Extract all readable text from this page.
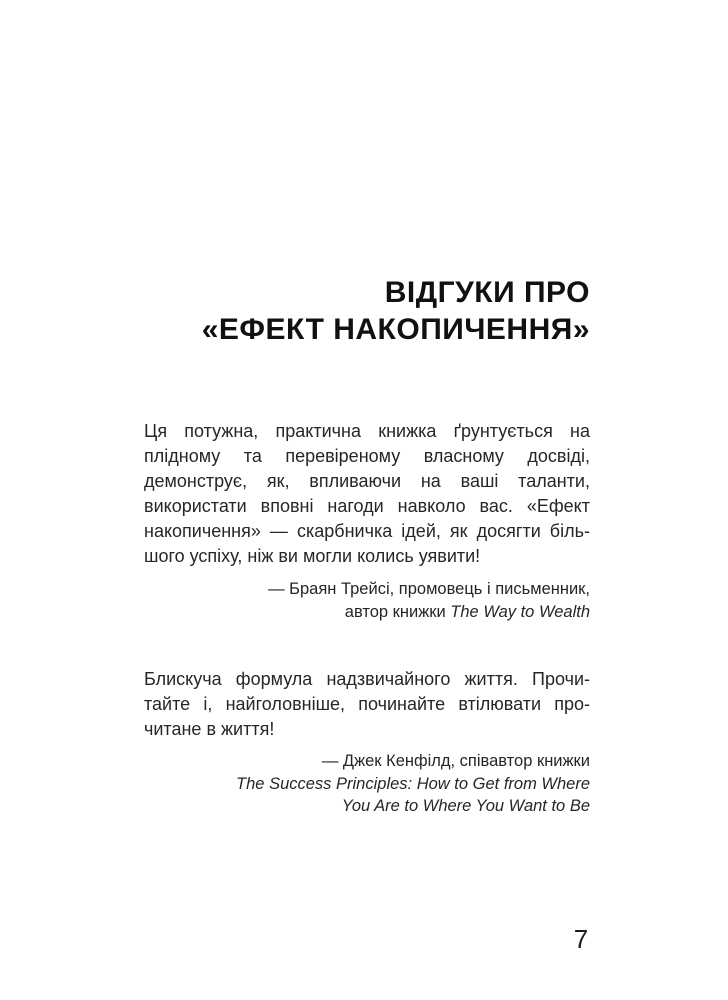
ВІДГУКИ ПРО
«ЕФЕКТ НАКОПИЧЕННЯ»

Ця потужна, практична книжка ґрунтується на
плідному та перевіреному власному досвіді,
демонструє, як, впливаючи на ваші таланти,
використати вповні нагоди навколо вас. «Ефект
накопичення» — скарбничка ідей, як досягти біль-
шого успіху, ніж ви могли колись уявити!

— Браян Трейсі, промовець і письменник,
автор книжки The Way to Wealth

Блискуча формула надзвичайного життя. Прочи-
тайте і, найголовніше, починайте втілювати про-
читане в життя!

— Джек Кенфілд, співавтор книжки
The Success Principles: How to Get from Where
You Are to Where You Want to Be
7
